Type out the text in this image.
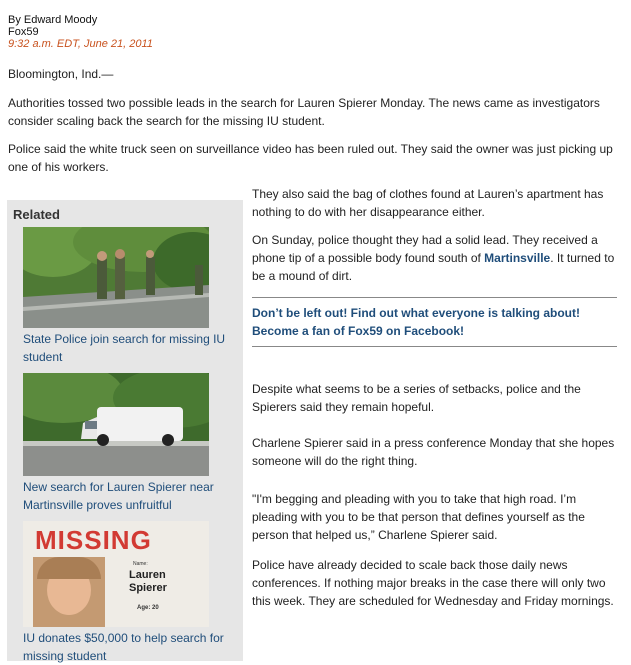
By Edward Moody
Fox59
9:32 a.m. EDT, June 21, 2011

Bloomington, Ind.—

Authorities tossed two possible leads in the search for Lauren Spierer Monday. The news came as investigators consider scaling back the search for the missing IU student.

Police said the white truck seen on surveillance video has been ruled out. They said the owner was just picking up one of his workers.

Related
State Police join search for missing IU student
New search for Lauren Spierer near Martinsville proves unfruitful
MISSING
Name:
Lauren
Spierer
Age: 20
IU donates $50,000 to help search for missing student

They also said the bag of clothes found at Lauren’s apartment has nothing to do with her disappearance either.

On Sunday, police thought they had a solid lead. They received a phone tip of a possible body found south of Martinsville. It turned to be a mound of dirt.

Don’t be left out! Find out what everyone is talking about!
Become a fan of Fox59 on Facebook!

Despite what seems to be a series of setbacks, police and the Spierers said they remain hopeful.

Charlene Spierer said in a press conference Monday that she hopes someone will do the right thing.

"I'm begging and pleading with you to take that high road. I’m pleading with you to be that person that defines yourself as the person that helped us,” Charlene Spierer said.

Police have already decided to scale back those daily news conferences. If nothing major breaks in the case there will only two this week. They are scheduled for Wednesday and Friday mornings.
